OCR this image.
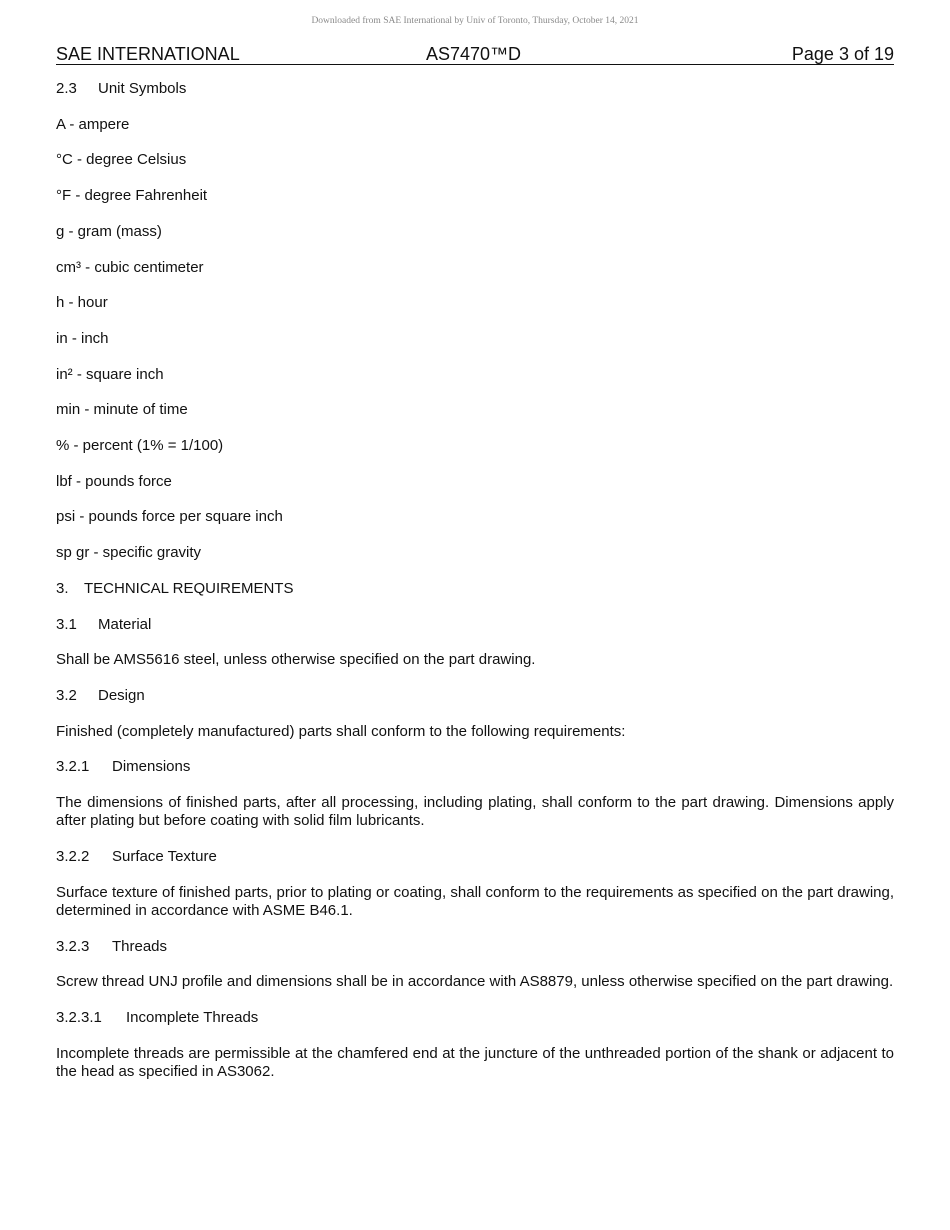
Downloaded from SAE International by Univ of Toronto, Thursday, October 14, 2021
SAE INTERNATIONAL	AS7470™D	Page 3 of 19

2.3 Unit Symbols

A - ampere

°C - degree Celsius

°F - degree Fahrenheit

g - gram (mass)

cm³ - cubic centimeter

h - hour

in - inch

in² - square inch

min - minute of time

% - percent (1% = 1/100)

lbf - pounds force

psi - pounds force per square inch

sp gr - specific gravity

3. TECHNICAL REQUIREMENTS

3.1 Material

Shall be AMS5616 steel, unless otherwise specified on the part drawing.

3.2 Design

Finished (completely manufactured) parts shall conform to the following requirements:

3.2.1 Dimensions

The dimensions of finished parts, after all processing, including plating, shall conform to the part drawing. Dimensions apply after plating but before coating with solid film lubricants.

3.2.2 Surface Texture

Surface texture of finished parts, prior to plating or coating, shall conform to the requirements as specified on the part drawing, determined in accordance with ASME B46.1.

3.2.3 Threads

Screw thread UNJ profile and dimensions shall be in accordance with AS8879, unless otherwise specified on the part drawing.

3.2.3.1 Incomplete Threads

Incomplete threads are permissible at the chamfered end at the juncture of the unthreaded portion of the shank or adjacent to the head as specified in AS3062.
